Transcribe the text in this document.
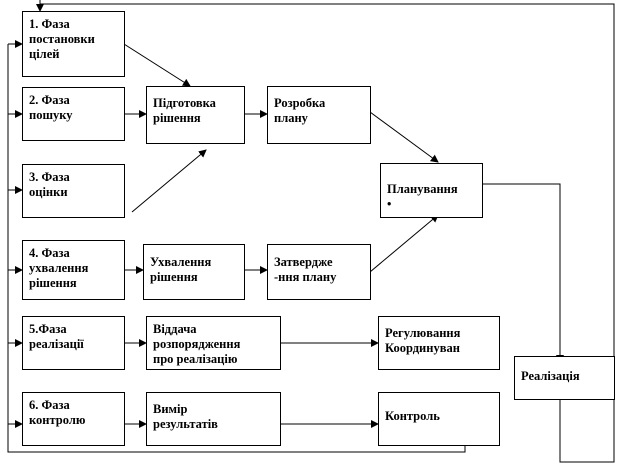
1. Фаза
постановки
цілей
2. Фаза
пошуку
3. Фаза
оцінки
4. Фаза
ухвалення
рішення
5.Фаза
реалізації
6. Фаза
контролю
Підготовка
рішення
Розробка
плану
Планування
•
Ухвалення
рішення
Затвердже
-ння плану
Віддача
розпорядження
про реалізацію
Регулювання
Координуван
Вимір
результатів
Контроль
Реалізація
